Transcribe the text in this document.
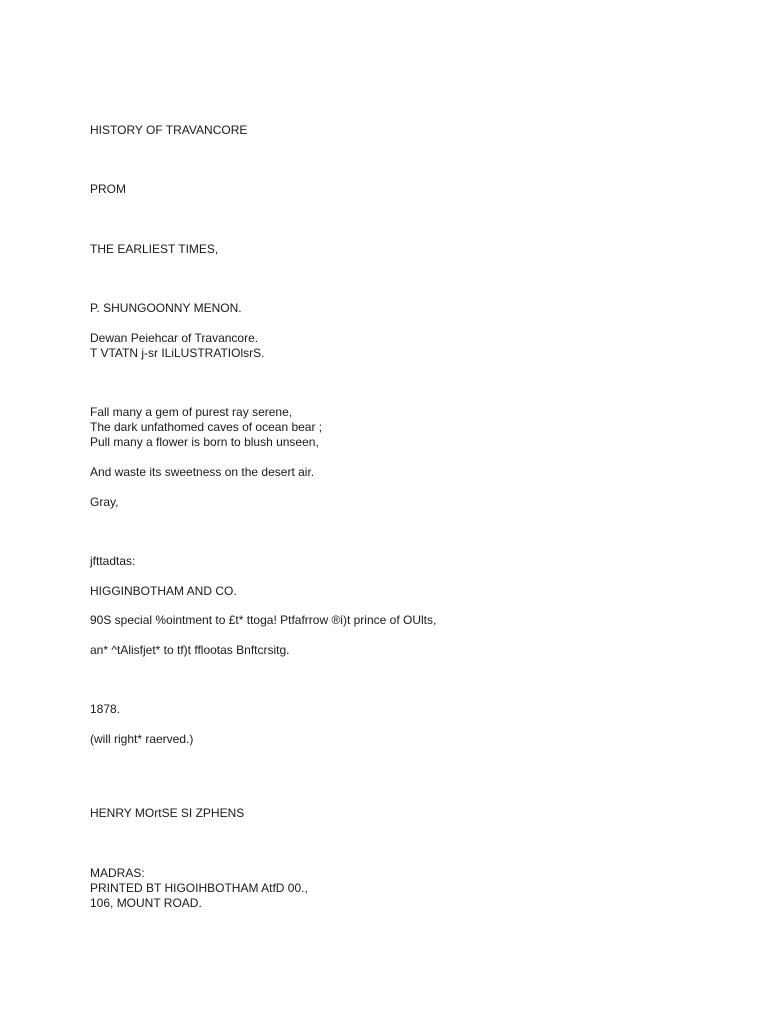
HISTORY OF TRAVANCORE

PROM

THE EARLIEST TIMES,

P. SHUNGOONNY MENON.

Dewan Peiehcar of Travancore.

T VTATN j-sr ILiLUSTRATIOlsrS.

Fall many a gem of purest ray serene,

The dark unfathomed caves of ocean bear ;

Pull many a flower is born to blush unseen,

And waste its sweetness on the desert air.

Gray,

jfttadtas:

HIGGINBOTHAM AND CO.

90S special %ointment to £t* ttoga! Ptfafrrow ®i)t prince of OUlts,

an* ^tAlisfjet* to tf)t fflootas Bnftcrsitg.

1878.

(will right* raerved.)

HENRY MOrtSE SI ZPHENS

MADRAS:

PRINTED BT HIGOIHBOTHAM AtfD 00.,

106, MOUNT ROAD.
